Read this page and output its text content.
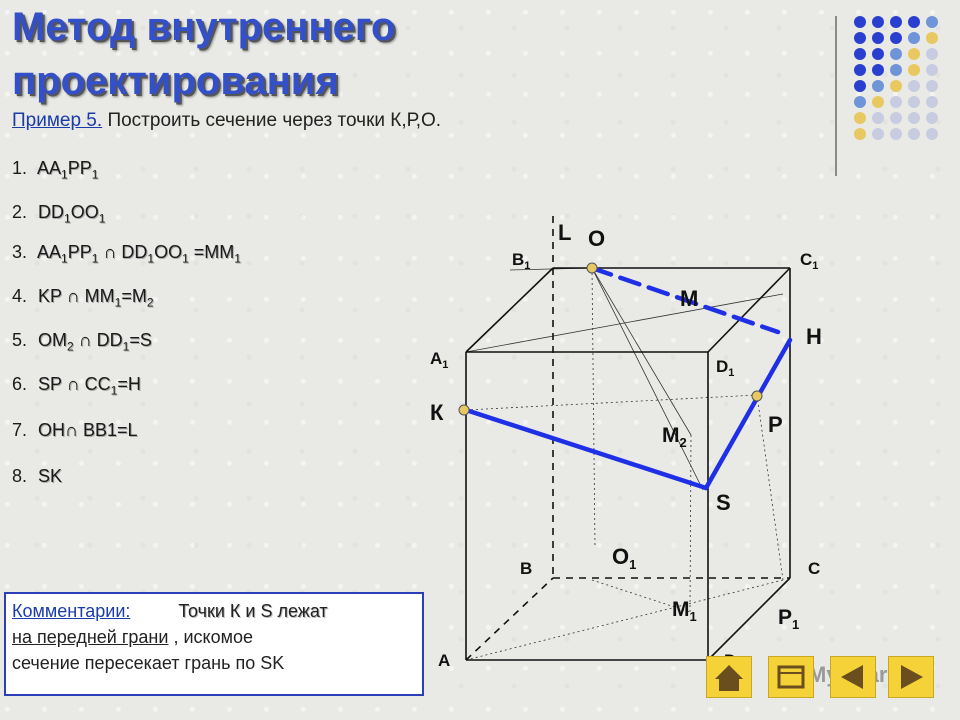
Метод внутреннего
проектирования
Пример 5. Построить сечение через точки К,Р,О.
1. $AA_1PP_1$
2. $DD_1OO_1$
3. $AA_1PP_1$ ∩ $DD_1OO_1 =MM_1$
4. KP ∩ $MM_1=M_2$
5. $OM_2$ ∩ $DD_1=S$
6. SP ∩ $CC_1=H$
7. OH∩ BB1=L
8. SK
L O
$B_1$	$C_1$
M
H
$A_1$	$D_1$
К	P
$M_2$
S
B	$O_1$	C
$M_1$	$P_1$
A
Комментарии:	Точки К и S лежат
на передней грани , искомое
сечение пересекает грань по SK
